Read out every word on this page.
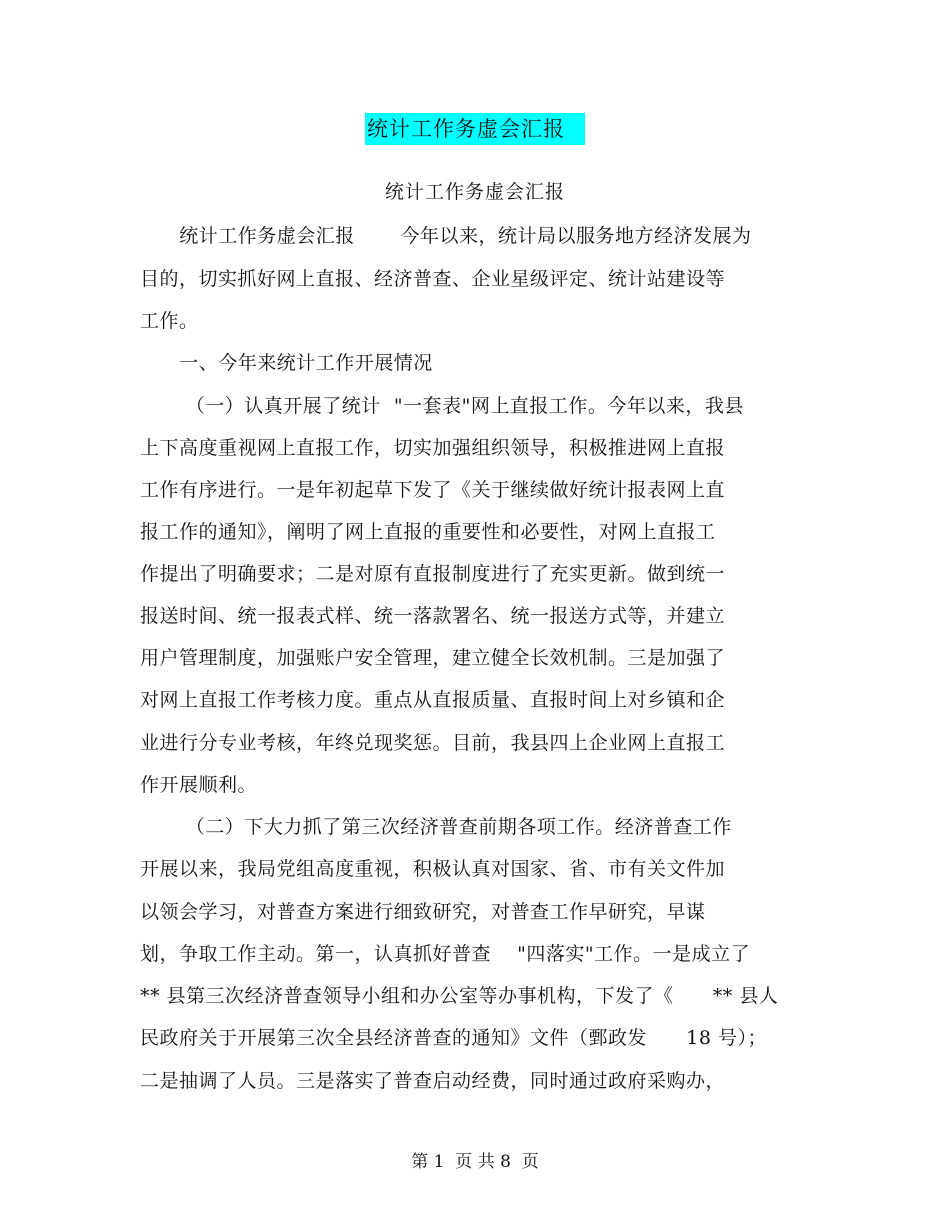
统计工作务虚会汇报
统计工作务虚会汇报
统计工作务虚会汇报       今年以来，统计局以服务地方经济发展为
目的，切实抓好网上直报、经济普查、企业星级评定、统计站建设等
工作。
一、今年来统计工作开展情况
（一）认真开展了统计  "一套表"网上直报工作。今年以来，我县
上下高度重视网上直报工作，切实加强组织领导，积极推进网上直报
工作有序进行。一是年初起草下发了《关于继续做好统计报表网上直
报工作的通知》，阐明了网上直报的重要性和必要性，对网上直报工
作提出了明确要求；二是对原有直报制度进行了充实更新。做到统一
报送时间、统一报表式样、统一落款署名、统一报送方式等，并建立
用户管理制度，加强账户安全管理，建立健全长效机制。三是加强了
对网上直报工作考核力度。重点从直报质量、直报时间上对乡镇和企
业进行分专业考核，年终兑现奖惩。目前，我县四上企业网上直报工
作开展顺利。
（二）下大力抓了第三次经济普查前期各项工作。经济普查工作
开展以来，我局党组高度重视，积极认真对国家、省、市有关文件加
以领会学习，对普查方案进行细致研究，对普查工作早研究，早谋
划，争取工作主动。第一，认真抓好普查    "四落实"工作。一是成立了
** 县第三次经济普查领导小组和办公室等办事机构，下发了《      ** 县人
民政府关于开展第三次全县经济普查的通知》文件（鄄政发      18 号）；
二是抽调了人员。三是落实了普查启动经费，同时通过政府采购办，
第 1  页 共 8  页
